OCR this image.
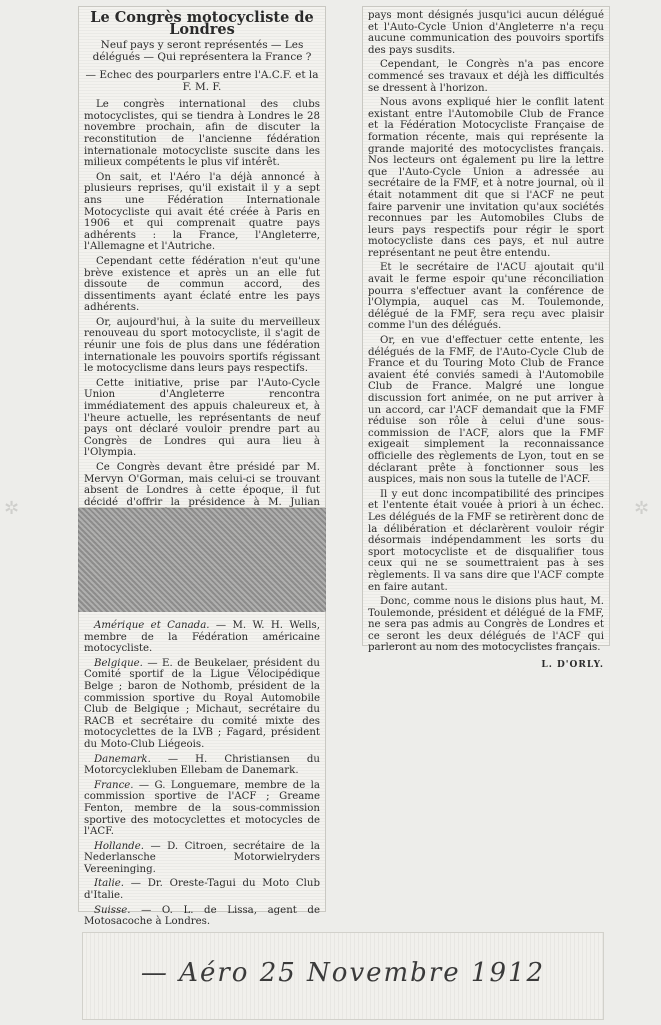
Le Congrès motocycliste de Londres
Neuf pays y seront représentés — Les délégués — Qui représentera la France ?
— Echec des pourparlers entre l'A.C.F. et la F. M. F.

Le congrès international des clubs motocyclistes, qui se tiendra à Londres le 28 novembre prochain, afin de discuter la reconstitution de l'ancienne fédération internationale motocycliste suscite dans les milieux compétents le plus vif intérêt.

On sait, et l'Aéro l'a déjà annoncé à plusieurs reprises, qu'il existait il y a sept ans une Fédération Internationale Motocycliste qui avait été créée à Paris en 1906 et qui comprenait quatre pays adhérents : la France, l'Angleterre, l'Allemagne et l'Autriche.

Cependant cette fédération n'eut qu'une brève existence et après un an elle fut dissoute de commun accord, des dissentiments ayant éclaté entre les pays adhérents.

Or, aujourd'hui, à la suite du merveilleux renouveau du sport motocycliste, il s'agit de réunir une fois de plus dans une fédération internationale les pouvoirs sportifs régissant le motocyclisme dans leurs pays respectifs.

Cette initiative, prise par l'Auto-Cycle Union d'Angleterre rencontra immédiatement des appuis chaleureux et, à l'heure actuelle, les représentants de neuf pays ont déclaré vouloir prendre part au Congrès de Londres qui aura lieu à l'Olympia.

Ce Congrès devant être présidé par M. Mervyn O'Gorman, mais celui-ci se trouvant absent de Londres à cette époque, il fut décidé d'offrir la présidence à M. Julian

Amérique et Canada. — M. W. H. Wells, membre de la Fédération américaine motocycliste.

Belgique. — E. de Beukelaer, président du Comité sportif de la Ligue Vélocipédique Belge ; baron de Nothomb, président de la commission sportive du Royal Automobile Club de Belgique ; Michaut, secrétaire du RACB et secrétaire du comité mixte des motocyclettes de la LVB ; Fagard, président du Moto-Club Liégeois.

Danemark. — H. Christiansen du Motorcyclekluben Ellebam de Danemark.

France. — G. Longuemare, membre de la commission sportive de l'ACF ; Greame Fenton, membre de la sous-commission sportive des motocyclettes et motocycles de l'ACF.

Hollande. — D. Citroen, secrétaire de la Nederlansche Motorwielryders Vereeninging.

Italie. — Dr. Oreste-Tagui du Moto Club d'Italie.

Suisse. — O. L. de Lissa, agent de Motosacoche à Londres.

pays mont désignés jusqu'ici aucun délégué et l'Auto-Cycle Union d'Angleterre n'a reçu aucune communication des pouvoirs sportifs des pays susdits.

Cependant, le Congrès n'a pas encore commencé ses travaux et déjà les difficultés se dressent à l'horizon.

Nous avons expliqué hier le conflit latent existant entre l'Automobile Club de France et la Fédération Motocycliste Française de formation récente, mais qui représente la grande majorité des motocyclistes français. Nos lecteurs ont également pu lire la lettre que l'Auto-Cycle Union a adressée au secrétaire de la FMF, et à notre journal, où il était notamment dit que si l'ACF ne peut faire parvenir une invitation qu'aux sociétés reconnues par les Automobiles Clubs de leurs pays respectifs pour régir le sport motocycliste dans ces pays, et nul autre représentant ne peut être entendu.

Et le secrétaire de l'ACU ajoutait qu'il avait le ferme espoir qu'une réconciliation pourra s'effectuer avant la conférence de l'Olympia, auquel cas M. Toulemonde, délégué de la FMF, sera reçu avec plaisir comme l'un des délégués.

Or, en vue d'effectuer cette entente, les délégués de la FMF, de l'Auto-Cycle Club de France et du Touring Moto Club de France avaient été conviés samedi à l'Automobile Club de France. Malgré une longue discussion fort animée, on ne put arriver à un accord, car l'ACF demandait que la FMF réduise son rôle à celui d'une sous-commission de l'ACF, alors que la FMF exigeait simplement la reconnaissance officielle des règlements de Lyon, tout en se déclarant prête à fonctionner sous les auspices, mais non sous la tutelle de l'ACF.

Il y eut donc incompatibilité des principes et l'entente était vouée à priori à un échec. Les délégués de la FMF se retirèrent donc de la délibération et déclarèrent vouloir régir désormais indépendamment les sorts du sport motocycliste et de disqualifier tous ceux qui ne se soumettraient pas à ses règlements. Il va sans dire que l'ACF compte en faire autant.

Donc, comme nous le disions plus haut, M. Toulemonde, président et délégué de la FMF, ne sera pas admis au Congrès de Londres et ce seront les deux délégués de l'ACF qui parleront au nom des motocyclistes français.

L. D'ORLY.
✲	✲
— Aéro 25 Novembre 1912
